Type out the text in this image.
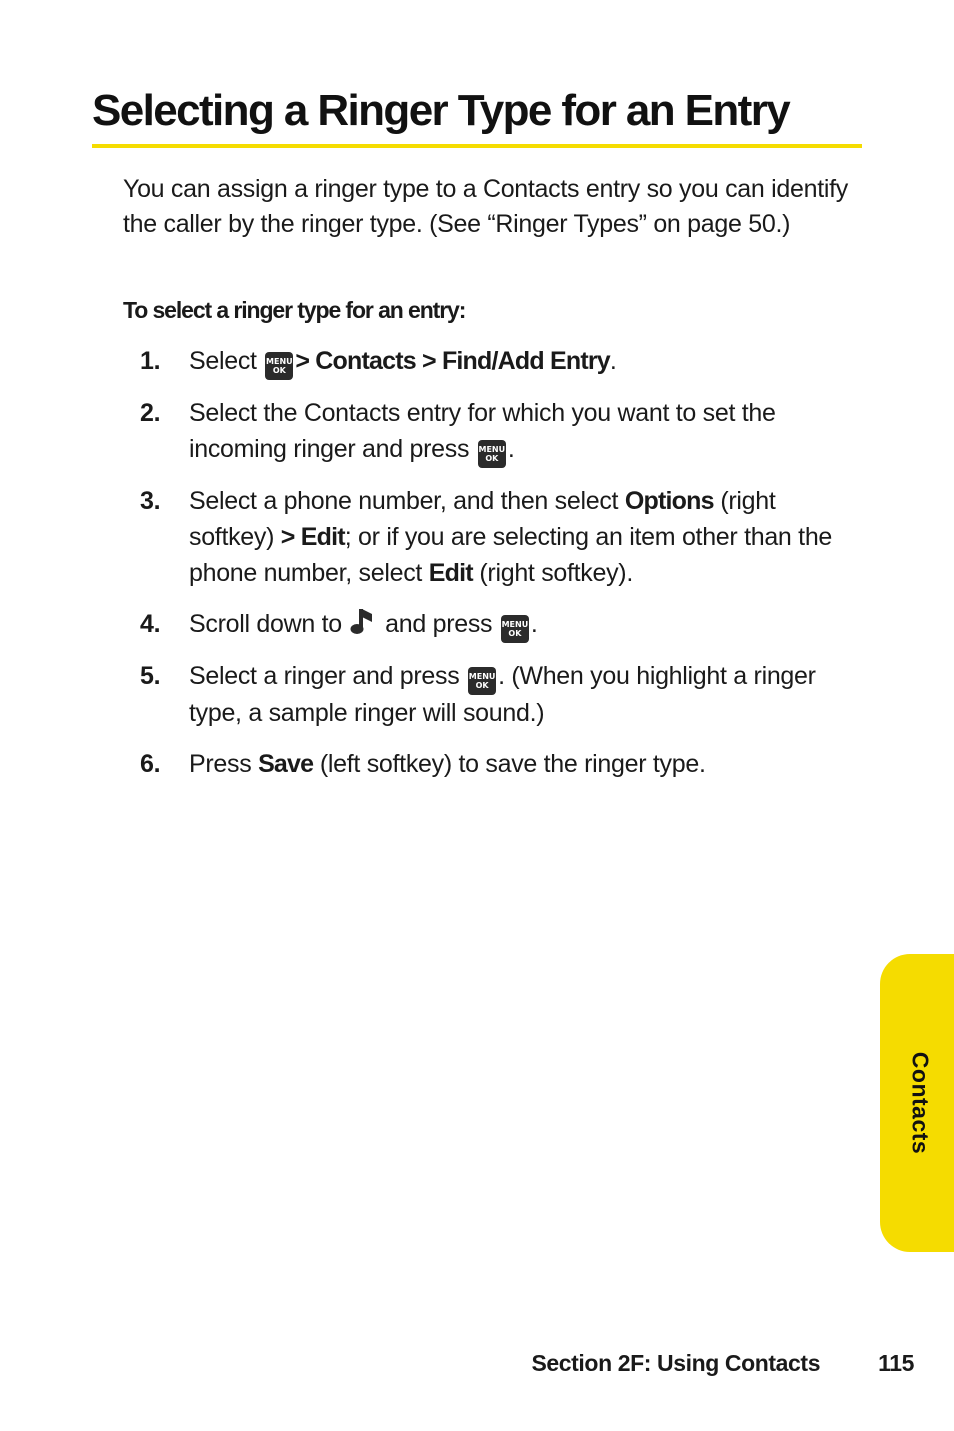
Selecting a Ringer Type for an Entry

You can assign a ringer type to a Contacts entry so you can identify the caller by the ringer type. (See “Ringer Types” on page 50.)

To select a ringer type for an entry:

1. Select MENU
OK > Contacts > Find/Add Entry.
2. Select the Contacts entry for which you want to set the incoming ringer and press MENU
OK .
3. Select a phone number, and then select Options (right softkey) > Edit; or if you are selecting an item other than the phone number, select Edit (right softkey).
4. Scroll down to and press MENU
OK .
5. Select a ringer and press MENU
OK . (When you highlight a ringer type, a sample ringer will sound.)
6. Press Save (left softkey) to save the ringer type.
Contacts
Section 2F: Using Contacts	115
